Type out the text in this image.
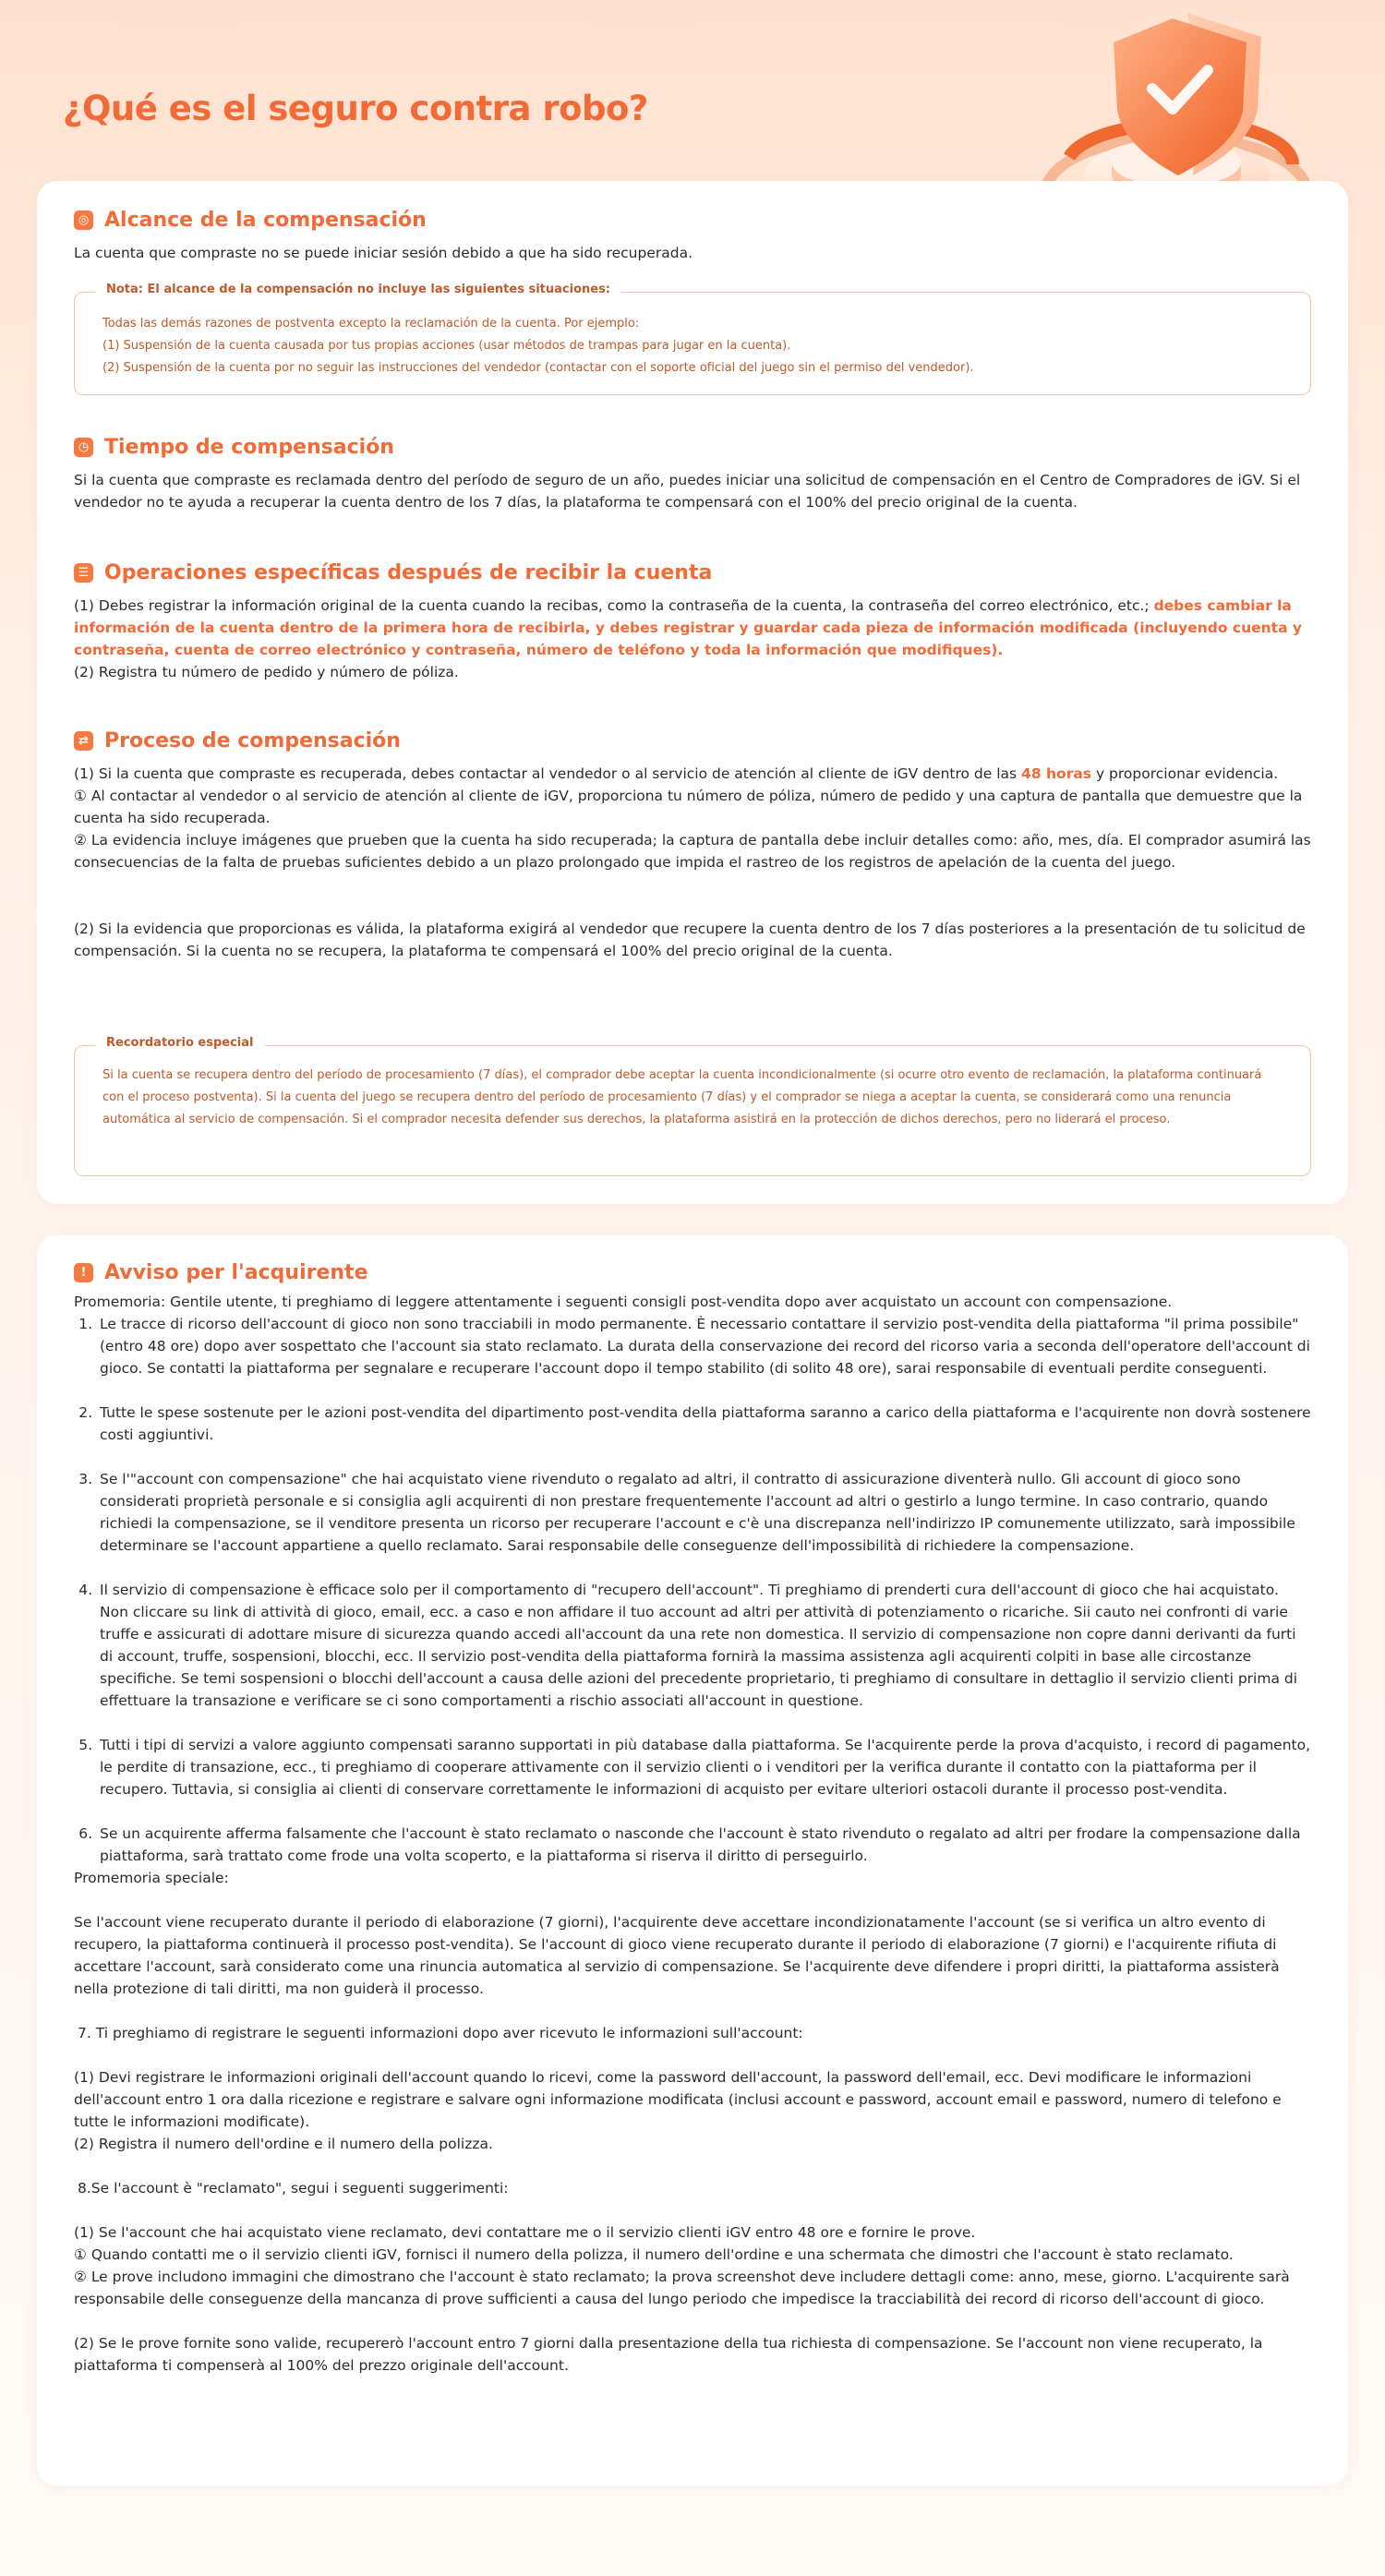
¿Qué es el seguro contra robo?
◎ Alcance de la compensación
La cuenta que compraste no se puede iniciar sesión debido a que ha sido recuperada.
Nota: El alcance de la compensación no incluye las siguientes situaciones:
Todas las demás razones de postventa excepto la reclamación de la cuenta. Por ejemplo:
(1) Suspensión de la cuenta causada por tus propias acciones (usar métodos de trampas para jugar en la cuenta).
(2) Suspensión de la cuenta por no seguir las instrucciones del vendedor (contactar con el soporte oficial del juego sin el permiso del vendedor).
◷ Tiempo de compensación
Si la cuenta que compraste es reclamada dentro del período de seguro de un año, puedes iniciar una solicitud de compensación en el Centro de Compradores de iGV. Si el vendedor no te ayuda a recuperar la cuenta dentro de los 7 días, la plataforma te compensará con el 100% del precio original de la cuenta.
☰ Operaciones específicas después de recibir la cuenta
(1) Debes registrar la información original de la cuenta cuando la recibas, como la contraseña de la cuenta, la contraseña del correo electrónico, etc.; debes cambiar la información de la cuenta dentro de la primera hora de recibirla, y debes registrar y guardar cada pieza de información modificada (incluyendo cuenta y contraseña, cuenta de correo electrónico y contraseña, número de teléfono y toda la información que modifiques).
(2) Registra tu número de pedido y número de póliza.
⇄ Proceso de compensación
(1) Si la cuenta que compraste es recuperada, debes contactar al vendedor o al servicio de atención al cliente de iGV dentro de las 48 horas y proporcionar evidencia.
① Al contactar al vendedor o al servicio de atención al cliente de iGV, proporciona tu número de póliza, número de pedido y una captura de pantalla que demuestre que la cuenta ha sido recuperada.
② La evidencia incluye imágenes que prueben que la cuenta ha sido recuperada; la captura de pantalla debe incluir detalles como: año, mes, día. El comprador asumirá las consecuencias de la falta de pruebas suficientes debido a un plazo prolongado que impida el rastreo de los registros de apelación de la cuenta del juego.
(2) Si la evidencia que proporcionas es válida, la plataforma exigirá al vendedor que recupere la cuenta dentro de los 7 días posteriores a la presentación de tu solicitud de compensación. Si la cuenta no se recupera, la plataforma te compensará el 100% del precio original de la cuenta.
Recordatorio especial
Si la cuenta se recupera dentro del período de procesamiento (7 días), el comprador debe aceptar la cuenta incondicionalmente (si ocurre otro evento de reclamación, la plataforma continuará con el proceso postventa). Si la cuenta del juego se recupera dentro del período de procesamiento (7 días) y el comprador se niega a aceptar la cuenta, se considerará como una renuncia automática al servicio de compensación. Si el comprador necesita defender sus derechos, la plataforma asistirá en la protección de dichos derechos, pero no liderará el proceso.
! Avviso per l'acquirente
Promemoria: Gentile utente, ti preghiamo di leggere attentamente i seguenti consigli post-vendita dopo aver acquistato un account con compensazione.
1. Le tracce di ricorso dell'account di gioco non sono tracciabili in modo permanente. È necessario contattare il servizio post-vendita della piattaforma "il prima possibile" (entro 48 ore) dopo aver sospettato che l'account sia stato reclamato. La durata della conservazione dei record del ricorso varia a seconda dell'operatore dell'account di gioco. Se contatti la piattaforma per segnalare e recuperare l'account dopo il tempo stabilito (di solito 48 ore), sarai responsabile di eventuali perdite conseguenti.
2. Tutte le spese sostenute per le azioni post-vendita del dipartimento post-vendita della piattaforma saranno a carico della piattaforma e l'acquirente non dovrà sostenere costi aggiuntivi.
3. Se l'"account con compensazione" che hai acquistato viene rivenduto o regalato ad altri, il contratto di assicurazione diventerà nullo. Gli account di gioco sono considerati proprietà personale e si consiglia agli acquirenti di non prestare frequentemente l'account ad altri o gestirlo a lungo termine. In caso contrario, quando richiedi la compensazione, se il venditore presenta un ricorso per recuperare l'account e c'è una discrepanza nell'indirizzo IP comunemente utilizzato, sarà impossibile determinare se l'account appartiene a quello reclamato. Sarai responsabile delle conseguenze dell'impossibilità di richiedere la compensazione.
4. Il servizio di compensazione è efficace solo per il comportamento di "recupero dell'account". Ti preghiamo di prenderti cura dell'account di gioco che hai acquistato. Non cliccare su link di attività di gioco, email, ecc. a caso e non affidare il tuo account ad altri per attività di potenziamento o ricariche. Sii cauto nei confronti di varie truffe e assicurati di adottare misure di sicurezza quando accedi all'account da una rete non domestica. Il servizio di compensazione non copre danni derivanti da furti di account, truffe, sospensioni, blocchi, ecc. Il servizio post-vendita della piattaforma fornirà la massima assistenza agli acquirenti colpiti in base alle circostanze specifiche. Se temi sospensioni o blocchi dell'account a causa delle azioni del precedente proprietario, ti preghiamo di consultare in dettaglio il servizio clienti prima di effettuare la transazione e verificare se ci sono comportamenti a rischio associati all'account in questione.
5. Tutti i tipi di servizi a valore aggiunto compensati saranno supportati in più database dalla piattaforma. Se l'acquirente perde la prova d'acquisto, i record di pagamento, le perdite di transazione, ecc., ti preghiamo di cooperare attivamente con il servizio clienti o i venditori per la verifica durante il contatto con la piattaforma per il recupero. Tuttavia, si consiglia ai clienti di conservare correttamente le informazioni di acquisto per evitare ulteriori ostacoli durante il processo post-vendita.
6. Se un acquirente afferma falsamente che l'account è stato reclamato o nasconde che l'account è stato rivenduto o regalato ad altri per frodare la compensazione dalla piattaforma, sarà trattato come frode una volta scoperto, e la piattaforma si riserva il diritto di perseguirlo.
Promemoria speciale:
Se l'account viene recuperato durante il periodo di elaborazione (7 giorni), l'acquirente deve accettare incondizionatamente l'account (se si verifica un altro evento di recupero, la piattaforma continuerà il processo post-vendita). Se l'account di gioco viene recuperato durante il periodo di elaborazione (7 giorni) e l'acquirente rifiuta di accettare l'account, sarà considerato come una rinuncia automatica al servizio di compensazione. Se l'acquirente deve difendere i propri diritti, la piattaforma assisterà nella protezione di tali diritti, ma non guiderà il processo.
7. Ti preghiamo di registrare le seguenti informazioni dopo aver ricevuto le informazioni sull'account:
(1) Devi registrare le informazioni originali dell'account quando lo ricevi, come la password dell'account, la password dell'email, ecc. Devi modificare le informazioni dell'account entro 1 ora dalla ricezione e registrare e salvare ogni informazione modificata (inclusi account e password, account email e password, numero di telefono e tutte le informazioni modificate).
(2) Registra il numero dell'ordine e il numero della polizza.
8.Se l'account è "reclamato", segui i seguenti suggerimenti:
(1) Se l'account che hai acquistato viene reclamato, devi contattare me o il servizio clienti iGV entro 48 ore e fornire le prove.
① Quando contatti me o il servizio clienti iGV, fornisci il numero della polizza, il numero dell'ordine e una schermata che dimostri che l'account è stato reclamato.
② Le prove includono immagini che dimostrano che l'account è stato reclamato; la prova screenshot deve includere dettagli come: anno, mese, giorno. L'acquirente sarà responsabile delle conseguenze della mancanza di prove sufficienti a causa del lungo periodo che impedisce la tracciabilità dei record di ricorso dell'account di gioco.
(2) Se le prove fornite sono valide, recupererò l'account entro 7 giorni dalla presentazione della tua richiesta di compensazione. Se l'account non viene recuperato, la piattaforma ti compenserà al 100% del prezzo originale dell'account.
